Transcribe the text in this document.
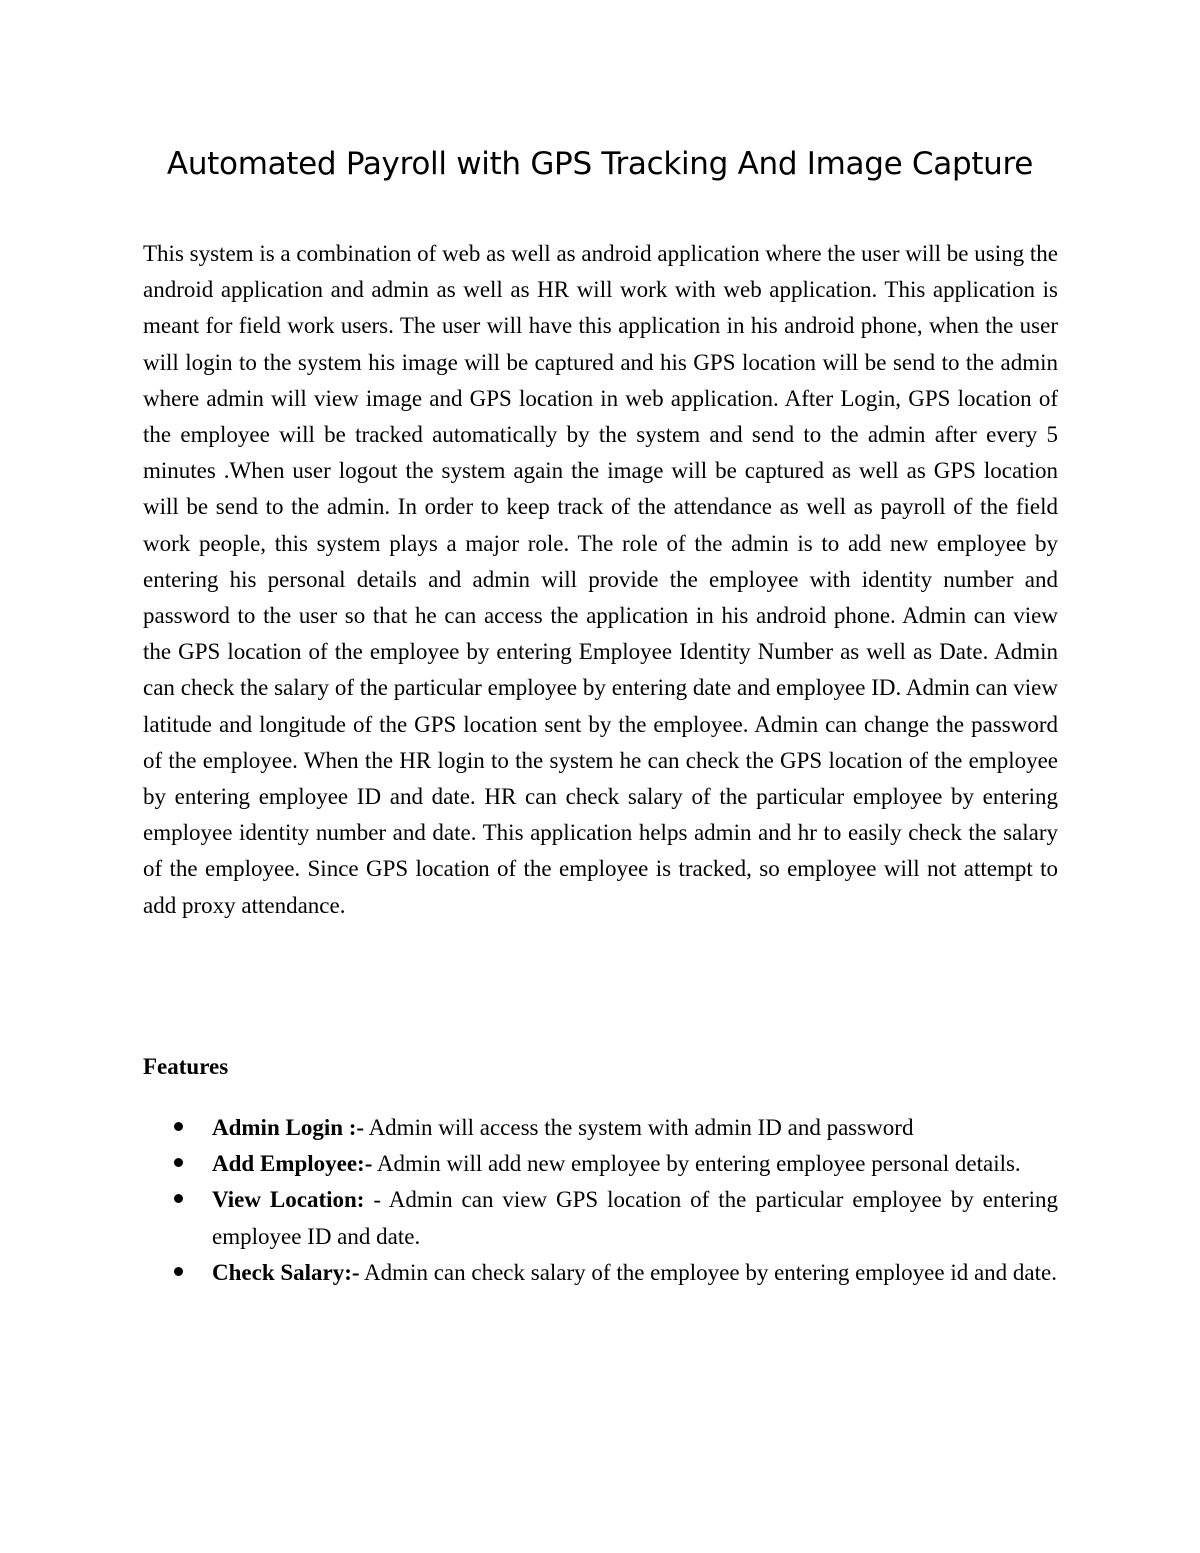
Automated Payroll with GPS Tracking And Image Capture

This system is a combination of web as well as android application where the user will be using the android application and admin as well as HR will work with web application. This application is meant for field work users. The user will have this application in his android phone, when the user will login to the system his image will be captured and his GPS location will be send to the admin where admin will view image and GPS location in web application. After Login, GPS location of the employee will be tracked automatically by the system and send to the admin after every 5 minutes .When user logout the system again the image will be captured as well as GPS location will be send to the admin. In order to keep track of the attendance as well as payroll of the field work people, this system plays a major role. The role of the admin is to add new employee by entering his personal details and admin will provide the employee with identity number and password to the user so that he can access the application in his android phone. Admin can view the GPS location of the employee by entering Employee Identity Number as well as Date. Admin can check the salary of the particular employee by entering date and employee ID. Admin can view latitude and longitude of the GPS location sent by the employee. Admin can change the password of the employee. When the HR login to the system he can check the GPS location of the employee by entering employee ID and date. HR can check salary of the particular employee by entering employee identity number and date. This application helps admin and hr to easily check the salary of the employee. Since GPS location of the employee is tracked, so employee will not attempt to add proxy attendance.

Features
Admin Login :- Admin will access the system with admin ID and password
Add Employee:- Admin will add new employee by entering employee personal details.
View Location: - Admin can view GPS location of the particular employee by entering employee ID and date.
Check Salary:- Admin can check salary of the employee by entering employee id and date.
